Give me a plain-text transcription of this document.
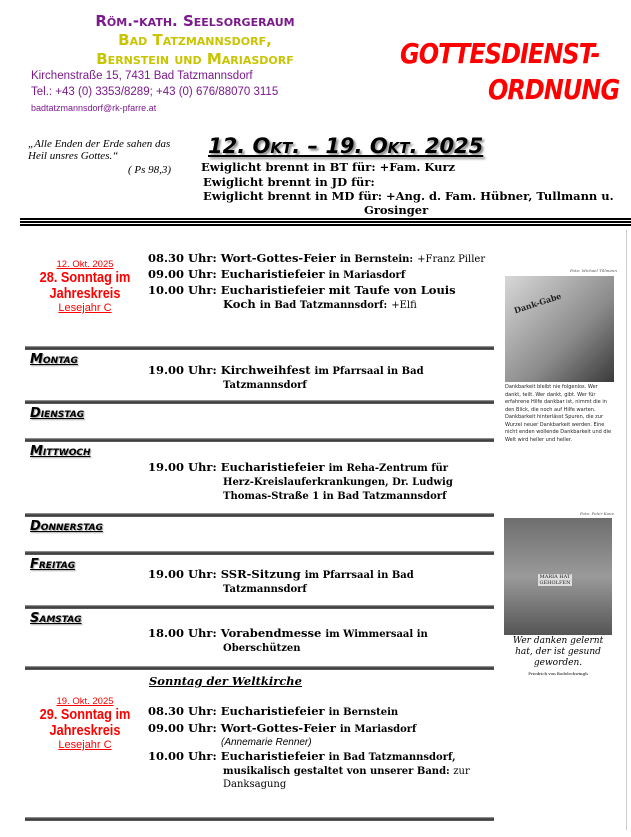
Röm.-kath. Seelsorgeraum
Bad Tatzmannsdorf,
Bernstein und Mariasdorf
Kirchenstraße 15, 7431 Bad Tatzmannsdorf
Tel.: +43 (0) 3353/8289; +43 (0) 676/88070 3115
badtatzmannsdorf@rk-pfarre.at
GOTTESDIENST-
ORDNUNG
„Alle Enden der Erde sahen das
Heil unsres Gottes.“
( Ps 98,3)
12. Okt. – 19. Okt. 2025
Ewiglicht brennt in BT für: +Fam. Kurz
Ewiglicht brennt in JD für:
Ewiglicht brennt in MD für: +Ang. d. Fam. Hübner, Tullmann u.
Grosinger
12. Okt. 2025
28. Sonntag im Jahreskreis
Lesejahr C
08.30 Uhr: Wort-Gottes-Feier in Bernstein: +Franz Piller
09.00 Uhr: Eucharistiefeier in Mariasdorf
10.00 Uhr: Eucharistiefeier mit Taufe von Louis
Koch in Bad Tatzmannsdorf: +Elfi
Montag
19.00 Uhr: Kirchweihfest im Pfarrsaal in Bad
Tatzmannsdorf
Dienstag
Mittwoch
19.00 Uhr: Eucharistiefeier im Reha-Zentrum für
Herz-Kreislauferkrankungen, Dr. Ludwig
Thomas-Straße 1 in Bad Tatzmannsdorf
Donnerstag
Freitag
19.00 Uhr: SSR-Sitzung im Pfarrsaal in Bad
Tatzmannsdorf
Samstag
18.00 Uhr: Vorabendmesse im Wimmersaal in
Oberschützen
Sonntag der Weltkirche
19. Okt. 2025
29. Sonntag im Jahreskreis
Lesejahr C
08.30 Uhr: Eucharistiefeier in Bernstein
09.00 Uhr: Wort-Gottes-Feier in Mariasdorf
(Annemarie Renner)
10.00 Uhr: Eucharistiefeier in Bad Tatzmannsdorf,
musikalisch gestaltet von unserer Band: zur
Danksagung
Foto: Michael Tillmann
Dank-Gabe
Dankbarkeit bleibt nie folgenlos. Wer dankt, teilt. Wer dankt, gibt. Wer für erfahrene Hilfe dankbar ist, nimmt die in den Blick, die noch auf Hilfe warten. Dankbarkeit hinterlässt Spuren, die zur Wurzel neuer Dankbarkeit werden. Eine nicht enden wollende Dankbarkeit und die Welt wird heller und heller.
Foto: Peter Kane
MARIA HAT GEHOLFEN
Wer danken gelernt hat, der ist gesund geworden.
Friedrich von Bodelschwingh
